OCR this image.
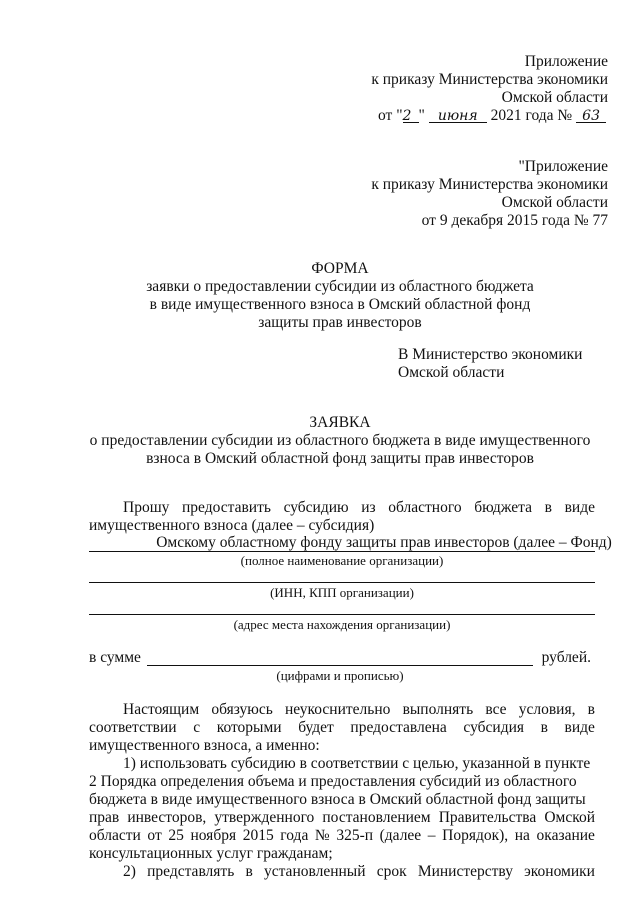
Приложение
к приказу Министерства экономики
Омской области
от "2 " июня 2021 года № 63
"Приложение
к приказу Министерства экономики
Омской области
от 9 декабря 2015 года № 77
ФОРМА
заявки о предоставлении субсидии из областного бюджета
в виде имущественного взноса в Омский областной фонд
защиты прав инвесторов
В Министерство экономики
Омской области
ЗАЯВКА
о предоставлении субсидии из областного бюджета в виде имущественного
взноса в Омский областной фонд защиты прав инвесторов
Прошу предоставить субсидию из областного бюджета в виде
имущественного взноса (далее – субсидия)
Омскому областному фонду защиты прав инвесторов (далее – Фонд)
(полное наименование организации)
(ИНН, КПП организации)
(адрес места нахождения организации)
в сумме	рублей.
(цифрами и прописью)
Настоящим обязуюсь неукоснительно выполнять все условия, в
соответствии с которыми будет предоставлена субсидия в виде
имущественного взноса, а именно:
1) использовать субсидию в соответствии с целью, указанной в пункте
2 Порядка определения объема и предоставления субсидий из областного
бюджета в виде имущественного взноса в Омский областной фонд защиты
прав инвесторов, утвержденного постановлением Правительства Омской
области от 25 ноября 2015 года № 325-п (далее – Порядок), на оказание
консультационных услуг гражданам;
2) представлять в установленный срок Министерству экономики
